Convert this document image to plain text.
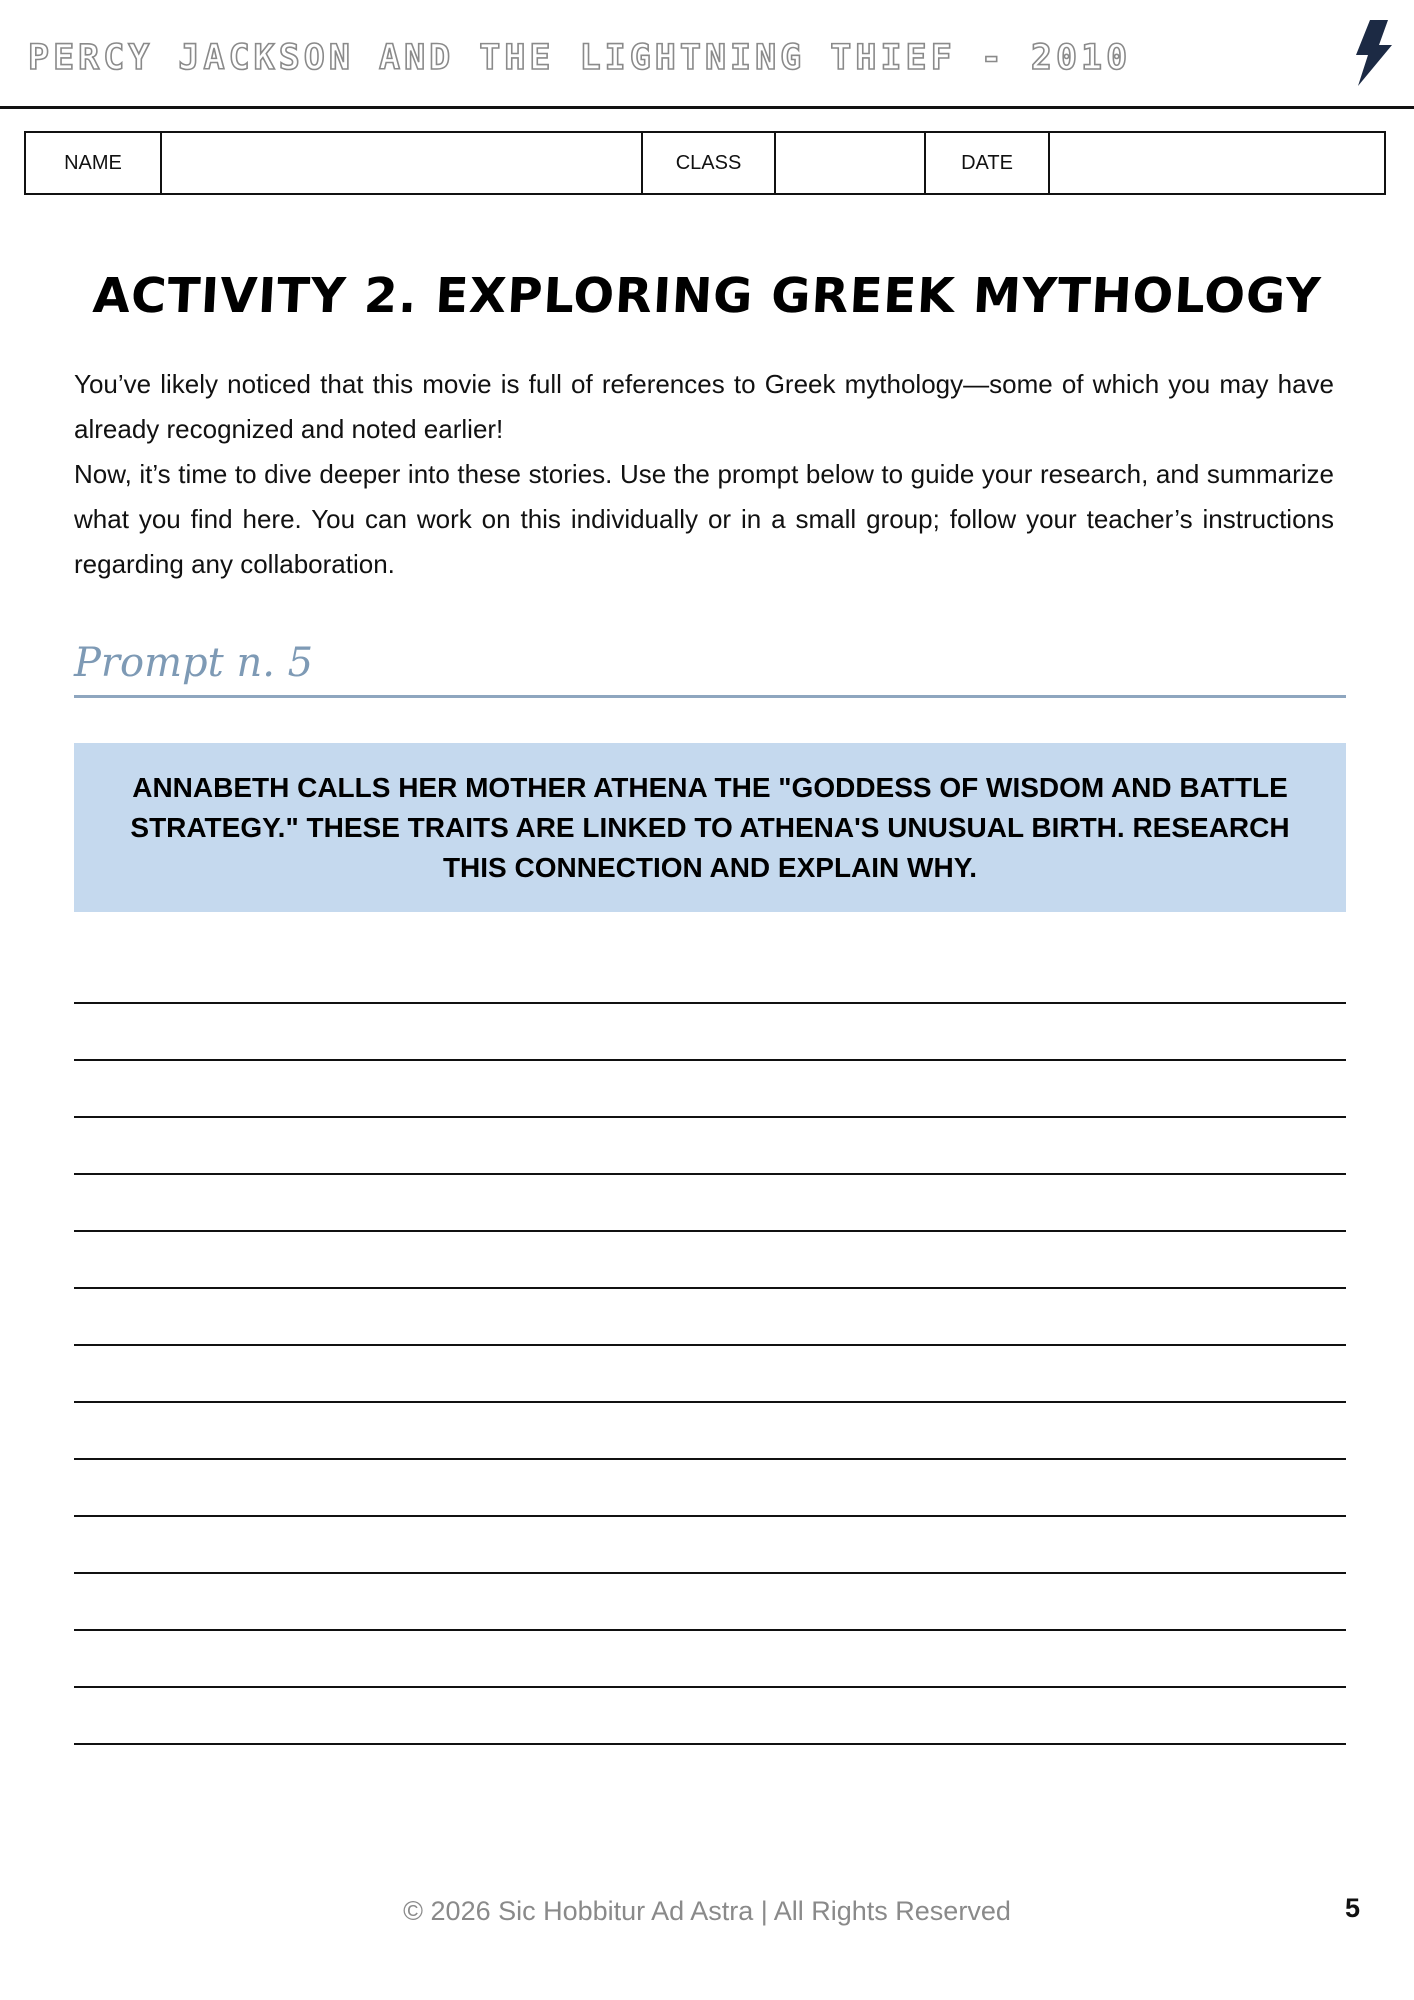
PERCY JACKSON AND THE LIGHTNING THIEF - 2010
NAME	CLASS	DATE
ACTIVITY 2. EXPLORING GREEK MYTHOLOGY

You’ve likely noticed that this movie is full of references to Greek mythology—some of which you may have already recognized and noted earlier!

Now, it’s time to dive deeper into these stories. Use the prompt below to guide your research, and summarize what you find here. You can work on this individually or in a small group; follow your teacher’s instructions regarding any collaboration.

Prompt n. 5
ANNABETH CALLS HER MOTHER ATHENA THE "GODDESS OF WISDOM AND BATTLE STRATEGY." THESE TRAITS ARE LINKED TO ATHENA'S UNUSUAL BIRTH. RESEARCH THIS CONNECTION AND EXPLAIN WHY.
© 2026 Sic Hobbitur Ad Astra | All Rights Reserved	5
